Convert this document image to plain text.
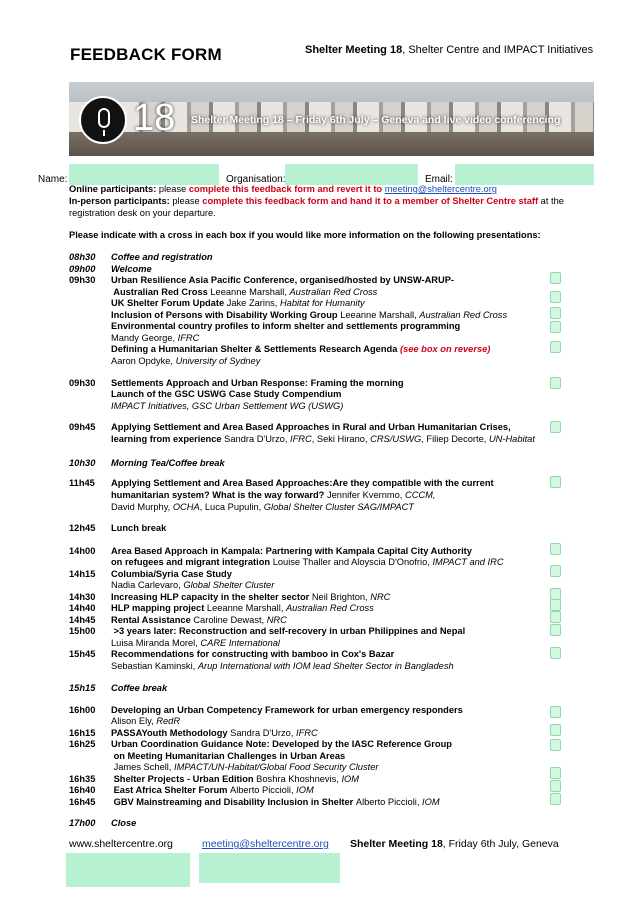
FEEDBACK FORM	Shelter Meeting 18, Shelter Centre and IMPACT Initiatives
18 Shelter Meeting 18 – Friday 6th July – Geneva and live video conferencing
Name:	Organisation:	Email:
Online participants: please complete this feedback form and revert it to meeting@sheltercentre.org
In-person participants: please complete this feedback form and hand it to a member of Shelter Centre staff at the registration desk on your departure.
Please indicate with a cross in each box if you would like more information on the following presentations:
08h30 Coffee and registration
09h00 Welcome
09h30 Urban Resilience Asia Pacific Conference, organised/hosted by UNSW-ARUP-
Australian Red Cross Leeanne Marshall, Australian Red Cross
UK Shelter Forum Update Jake Zarins, Habitat for Humanity
Inclusion of Persons with Disability Working Group Leeanne Marshall, Australian Red Cross
Environmental country profiles to inform shelter and settlements programming
Mandy George, IFRC
Defining a Humanitarian Shelter & Settlements Research Agenda (see box on reverse)
Aaron Opdyke, University of Sydney
09h30 Settlements Approach and Urban Response: Framing the morning
Launch of the GSC USWG Case Study Compendium
IMPACT Initiatives, GSC Urban Settlement WG (USWG)
09h45 Applying Settlement and Area Based Approaches in Rural and Urban Humanitarian Crises,
learning from experience Sandra D'Urzo, IFRC, Seki Hirano, CRS/USWG, Filiep Decorte, UN-Habitat
10h30 Morning Tea/Coffee break
11h45 Applying Settlement and Area Based Approaches:Are they compatible with the current
humanitarian system? What is the way forward? Jennifer Kvernmo, CCCM,
David Murphy, OCHA, Luca Pupulin, Global Shelter Cluster SAG/IMPACT
12h45 Lunch break
14h00 Area Based Approach in Kampala: Partnering with Kampala Capital City Authority
on refugees and migrant integration Louise Thaller and Aloyscia D'Onofrio, IMPACT and IRC
14h15 Columbia/Syria Case Study
Nadia Carlevaro, Global Shelter Cluster
14h30 Increasing HLP capacity in the shelter sector Neil Brighton, NRC
14h40 HLP mapping project Leeanne Marshall, Australian Red Cross
14h45 Rental Assistance Caroline Dewast, NRC
15h00 >3 years later: Reconstruction and self-recovery in urban Philippines and Nepal
Luisa Miranda Morel, CARE International
15h45 Recommendations for constructing with bamboo in Cox's Bazar
Sebastian Kaminski, Arup International with IOM lead Shelter Sector in Bangladesh
15h15 Coffee break
16h00 Developing an Urban Competency Framework for urban emergency responders
Alison Ely, RedR
16h15 PASSAYouth Methodology Sandra D'Urzo, IFRC
16h25 Urban Coordination Guidance Note: Developed by the IASC Reference Group
on Meeting Humanitarian Challenges in Urban Areas
James Schell, IMPACT/UN-Habitat/Global Food Security Cluster
16h35 Shelter Projects - Urban Edition Boshra Khoshnevis, IOM
16h40 East Africa Shelter Forum Alberto Piccioli, IOM
16h45 GBV Mainstreaming and Disability Inclusion in Shelter Alberto Piccioli, IOM
17h00 Close
www.sheltercentre.org	meeting@sheltercentre.org Shelter Meeting 18, Friday 6th July, Geneva
